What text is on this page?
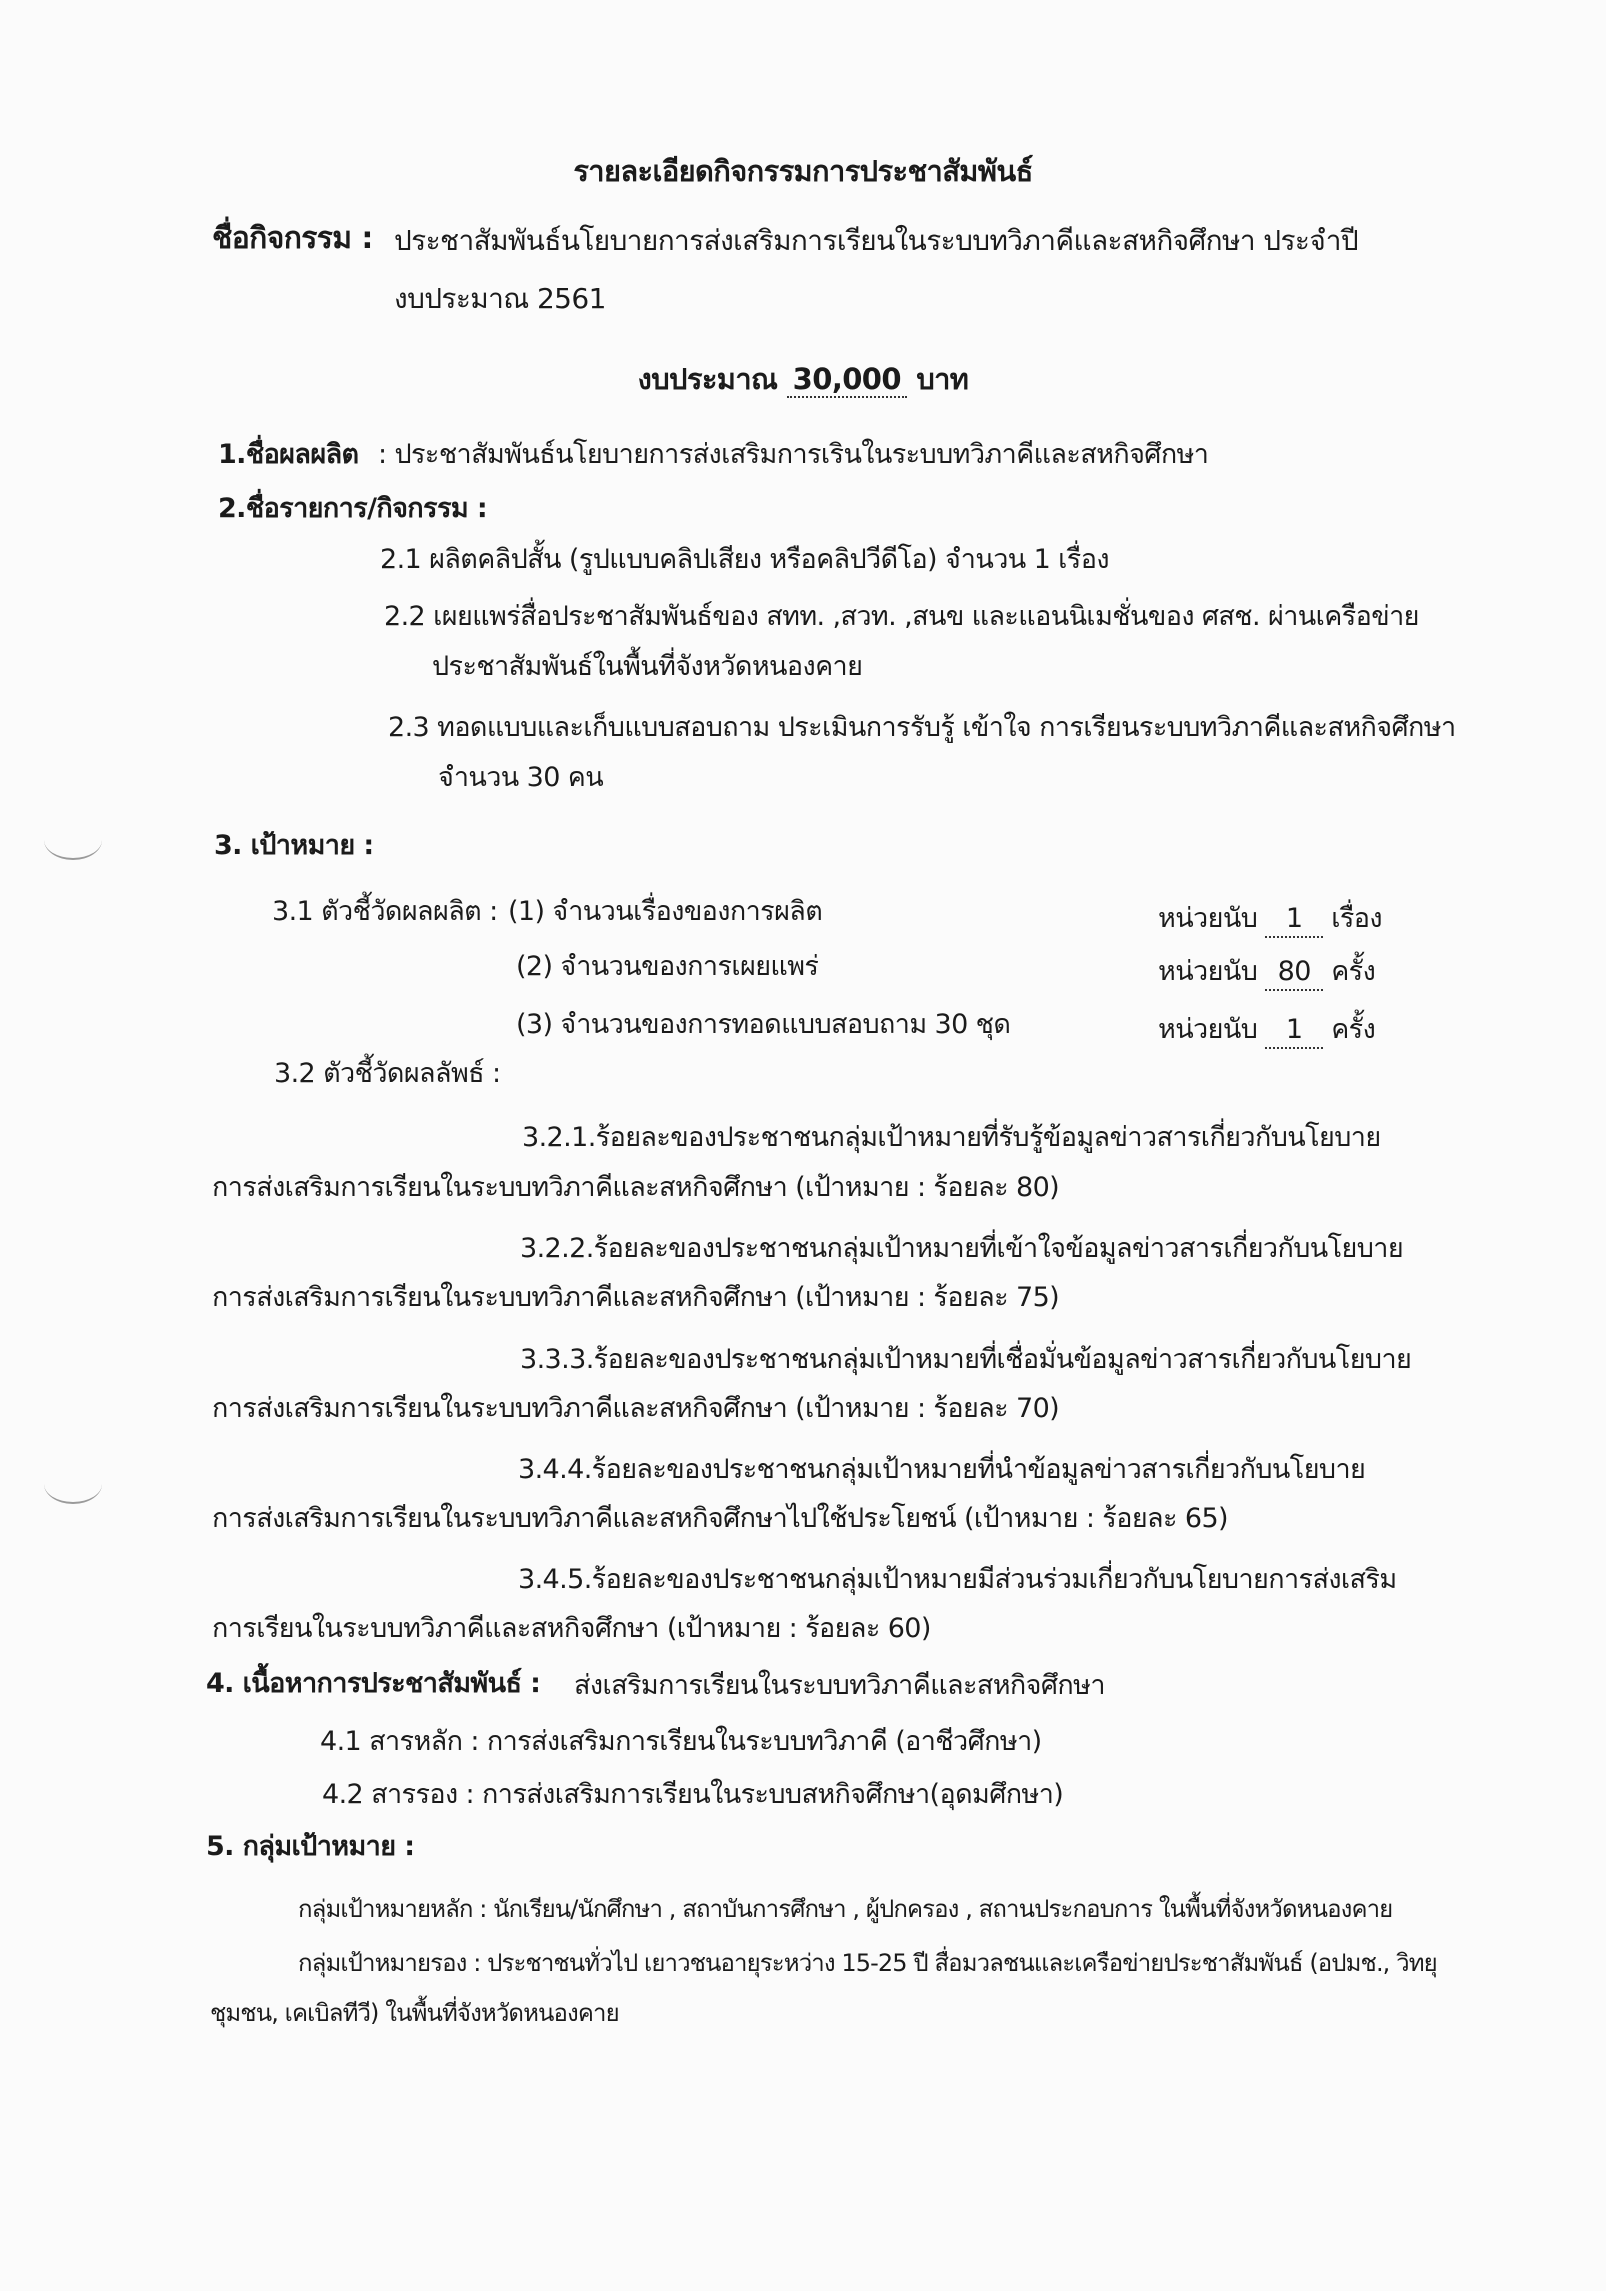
รายละเอียดกิจกรรมการประชาสัมพันธ์
ชื่อกิจกรรม : ประชาสัมพันธ์นโยบายการส่งเสริมการเรียนในระบบทวิภาคีและสหกิจศึกษา ประจำปี
งบประมาณ 2561
งบประมาณ 30,000 บาท
1.ชื่อผลผลิต : ประชาสัมพันธ์นโยบายการส่งเสริมการเรินในระบบทวิภาคีและสหกิจศึกษา
2.ชื่อรายการ/กิจกรรม :
2.1 ผลิตคลิปสั้น (รูปแบบคลิปเสียง หรือคลิปวีดีโอ) จำนวน 1 เรื่อง
2.2 เผยแพร่สื่อประชาสัมพันธ์ของ สทท. ,สวท. ,สนข และแอนนิเมชั่นของ ศสช. ผ่านเครือข่าย
ประชาสัมพันธ์ในพื้นที่จังหวัดหนองคาย
2.3 ทอดแบบและเก็บแบบสอบถาม ประเมินการรับรู้ เข้าใจ การเรียนระบบทวิภาคีและสหกิจศึกษา
จำนวน 30 คน
3. เป้าหมาย :
3.1 ตัวชี้วัดผลผลิต : (1) จำนวนเรื่องของการผลิต	หน่วยนับ 1 เรื่อง
(2) จำนวนของการเผยแพร่	หน่วยนับ 80 ครั้ง
(3) จำนวนของการทอดแบบสอบถาม 30 ชุด	หน่วยนับ 1 ครั้ง
3.2 ตัวชี้วัดผลลัพธ์ :
3.2.1.ร้อยละของประชาชนกลุ่มเป้าหมายที่รับรู้ข้อมูลข่าวสารเกี่ยวกับนโยบาย
การส่งเสริมการเรียนในระบบทวิภาคีและสหกิจศึกษา (เป้าหมาย : ร้อยละ 80)
3.2.2.ร้อยละของประชาชนกลุ่มเป้าหมายที่เข้าใจข้อมูลข่าวสารเกี่ยวกับนโยบาย
การส่งเสริมการเรียนในระบบทวิภาคีและสหกิจศึกษา (เป้าหมาย : ร้อยละ 75)
3.3.3.ร้อยละของประชาชนกลุ่มเป้าหมายที่เชื่อมั่นข้อมูลข่าวสารเกี่ยวกับนโยบาย
การส่งเสริมการเรียนในระบบทวิภาคีและสหกิจศึกษา (เป้าหมาย : ร้อยละ 70)
3.4.4.ร้อยละของประชาชนกลุ่มเป้าหมายที่นำข้อมูลข่าวสารเกี่ยวกับนโยบาย
การส่งเสริมการเรียนในระบบทวิภาคีและสหกิจศึกษาไปใช้ประโยชน์ (เป้าหมาย : ร้อยละ 65)
3.4.5.ร้อยละของประชาชนกลุ่มเป้าหมายมีส่วนร่วมเกี่ยวกับนโยบายการส่งเสริม
การเรียนในระบบทวิภาคีและสหกิจศึกษา (เป้าหมาย : ร้อยละ 60)
4. เนื้อหาการประชาสัมพันธ์ : ส่งเสริมการเรียนในระบบทวิภาคีและสหกิจศึกษา
4.1 สารหลัก : การส่งเสริมการเรียนในระบบทวิภาคี (อาชีวศึกษา)
4.2 สารรอง : การส่งเสริมการเรียนในระบบสหกิจศึกษา(อุดมศึกษา)
5. กลุ่มเป้าหมาย :
กลุ่มเป้าหมายหลัก : นักเรียน/นักศึกษา , สถาบันการศึกษา , ผู้ปกครอง , สถานประกอบการ ในพื้นที่จังหวัดหนองคาย
กลุ่มเป้าหมายรอง : ประชาชนทั่วไป เยาวชนอายุระหว่าง 15-25 ปี สื่อมวลชนและเครือข่ายประชาสัมพันธ์ (อปมช., วิทยุ
ชุมชน, เคเบิลทีวี) ในพื้นที่จังหวัดหนองคาย
